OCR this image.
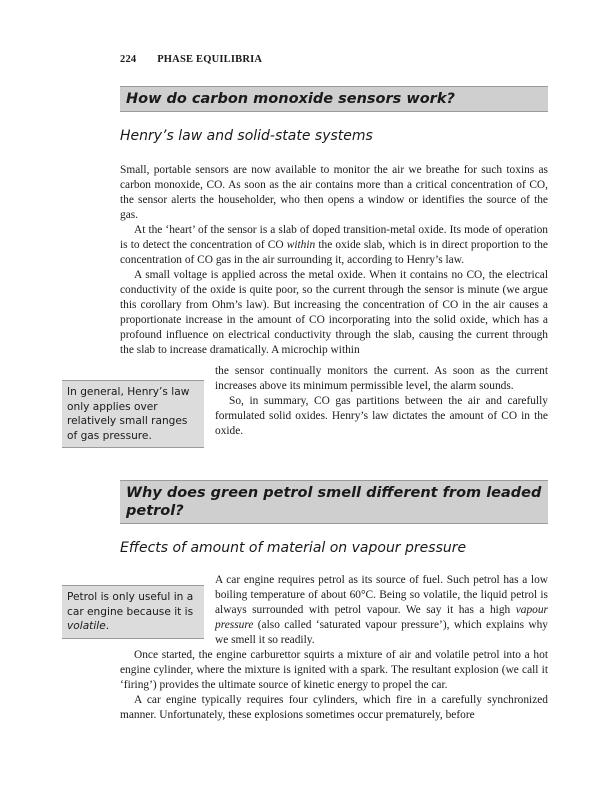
224 PHASE EQUILIBRIA
How do carbon monoxide sensors work?
Henry’s law and solid-state systems

Small, portable sensors are now available to monitor the air we breathe for such toxins as carbon monoxide, CO. As soon as the air contains more than a critical concentration of CO, the sensor alerts the householder, who then opens a window or identifies the source of the gas.

At the ‘heart’ of the sensor is a slab of doped transition-metal oxide. Its mode of operation is to detect the concentration of CO within the oxide slab, which is in direct proportion to the concentration of CO gas in the air surrounding it, according to Henry’s law.

A small voltage is applied across the metal oxide. When it contains no CO, the electrical conductivity of the oxide is quite poor, so the current through the sensor is minute (we argue this corollary from Ohm’s law). But increasing the concentration of CO in the air causes a proportionate increase in the amount of CO incorporating into the solid oxide, which has a profound influence on electrical conductivity through the slab, causing the current through the slab to increase dramatically. A microchip within

the sensor continually monitors the current. As soon as the current increases above its minimum permissible level, the alarm sounds.

So, in summary, CO gas partitions between the air and carefully formulated solid oxides. Henry’s law dictates the amount of CO in the oxide.

In general, Henry’s law only applies over relatively small ranges of gas pressure.
Why does green petrol smell different from leaded petrol?
Effects of amount of material on vapour pressure

A car engine requires petrol as its source of fuel. Such petrol has a low boiling temperature of about 60°C. Being so volatile, the liquid petrol is always surrounded with petrol vapour. We say it has a high vapour pressure (also called ‘saturated vapour pressure’), which explains why we smell it so readily.

Once started, the engine carburettor squirts a mixture of air and volatile petrol into a hot engine cylinder, where the mixture is ignited with a spark. The resultant explosion (we call it ‘firing’) provides the ultimate source of kinetic energy to propel the car.

A car engine typically requires four cylinders, which fire in a carefully synchronized manner. Unfortunately, these explosions sometimes occur prematurely, before

Petrol is only useful in a car engine because it is volatile.
